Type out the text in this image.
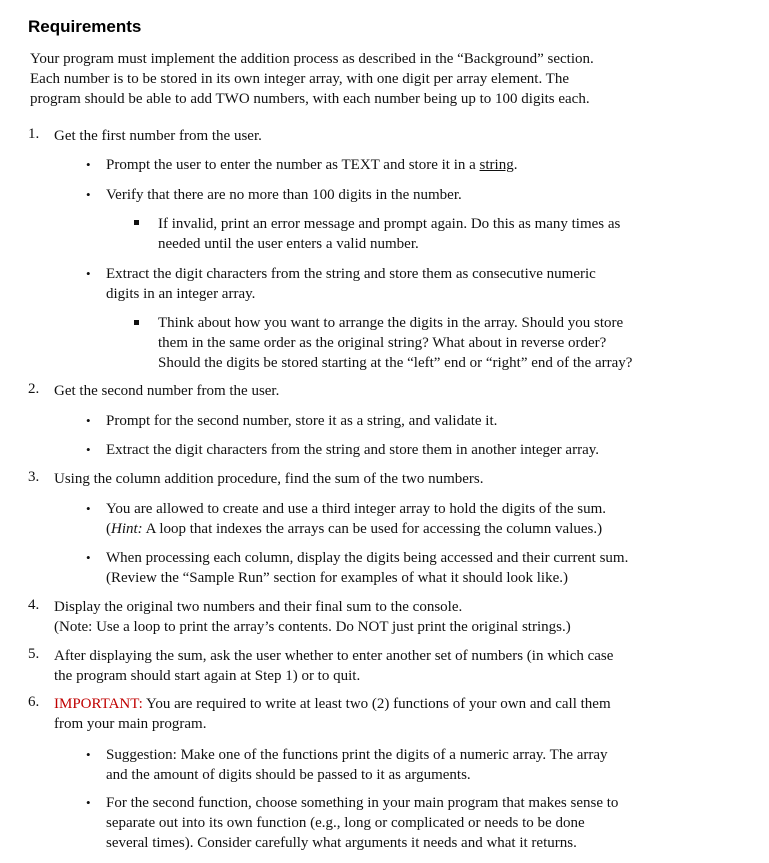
Requirements
Your program must implement the addition process as described in the “Background” section.
Each number is to be stored in its own integer array, with one digit per array element. The
program should be able to add TWO numbers, with each number being up to 100 digits each.
1. Get the first number from the user.
• Prompt the user to enter the number as TEXT and store it in a string.
• Verify that there are no more than 100 digits in the number.
If invalid, print an error message and prompt again. Do this as many times as
needed until the user enters a valid number.
• Extract the digit characters from the string and store them as consecutive numeric
digits in an integer array.
Think about how you want to arrange the digits in the array. Should you store
them in the same order as the original string? What about in reverse order?
Should the digits be stored starting at the “left” end or “right” end of the array?
2. Get the second number from the user.
• Prompt for the second number, store it as a string, and validate it.
• Extract the digit characters from the string and store them in another integer array.
3. Using the column addition procedure, find the sum of the two numbers.
• You are allowed to create and use a third integer array to hold the digits of the sum.
(Hint: A loop that indexes the arrays can be used for accessing the column values.)
• When processing each column, display the digits being accessed and their current sum.
(Review the “Sample Run” section for examples of what it should look like.)
4. Display the original two numbers and their final sum to the console.
(Note: Use a loop to print the array’s contents. Do NOT just print the original strings.)
5. After displaying the sum, ask the user whether to enter another set of numbers (in which case
the program should start again at Step 1) or to quit.
6. IMPORTANT: You are required to write at least two (2) functions of your own and call them
from your main program.
• Suggestion: Make one of the functions print the digits of a numeric array. The array
and the amount of digits should be passed to it as arguments.
• For the second function, choose something in your main program that makes sense to
separate out into its own function (e.g., long or complicated or needs to be done
several times). Consider carefully what arguments it needs and what it returns.
